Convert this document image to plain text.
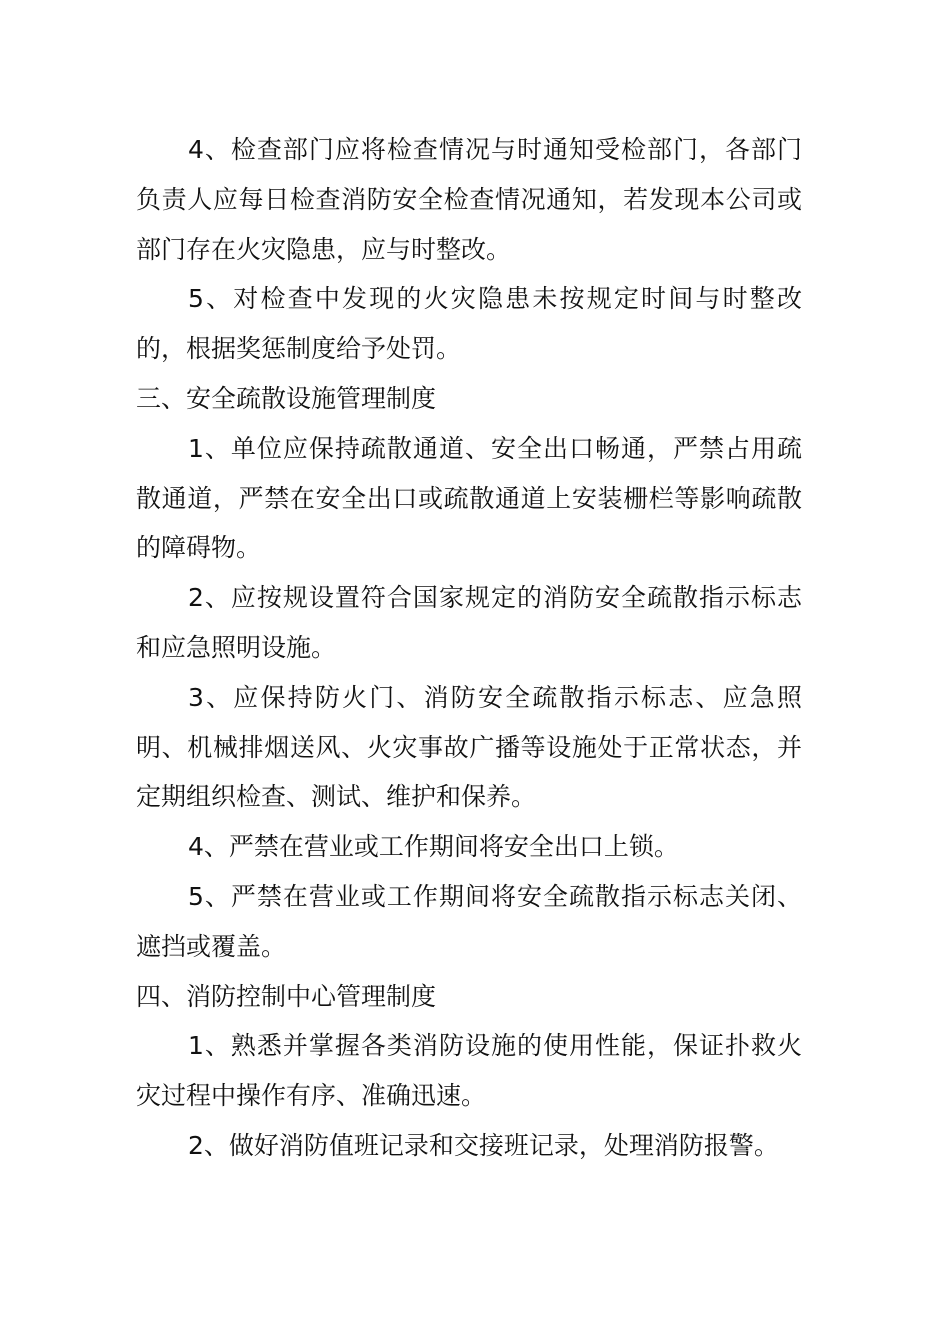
4、检查部门应将检查情况与时通知受检部门，各部门负责人应每日检查消防安全检查情况通知，若发现本公司或部门存在火灾隐患，应与时整改。

5、对检查中发现的火灾隐患未按规定时间与时整改的，根据奖惩制度给予处罚。

三、安全疏散设施管理制度

1、单位应保持疏散通道、安全出口畅通，严禁占用疏散通道，严禁在安全出口或疏散通道上安装栅栏等影响疏散的障碍物。

2、应按规设置符合国家规定的消防安全疏散指示标志和应急照明设施。

3、应保持防火门、消防安全疏散指示标志、应急照明、机械排烟送风、火灾事故广播等设施处于正常状态，并定期组织检查、测试、维护和保养。

4、严禁在营业或工作期间将安全出口上锁。

5、严禁在营业或工作期间将安全疏散指示标志关闭、遮挡或覆盖。

四、消防控制中心管理制度

1、熟悉并掌握各类消防设施的使用性能，保证扑救火灾过程中操作有序、准确迅速。

2、做好消防值班记录和交接班记录，处理消防报警。
